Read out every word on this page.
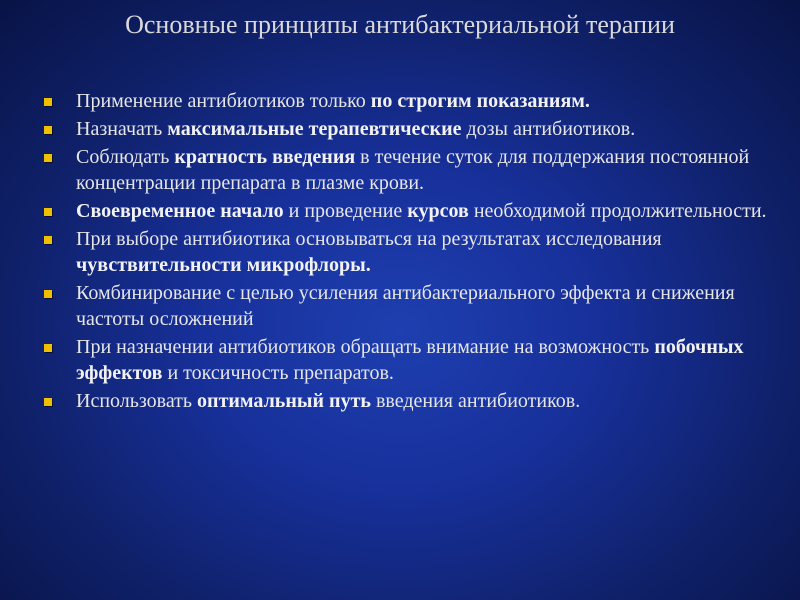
Основные принципы антибактериальной терапии
Применение антибиотиков только по строгим показаниям.
Назначать максимальные терапевтические дозы антибиотиков.
Соблюдать кратность введения в течение суток для поддержания постоянной концентрации препарата в плазме крови.
Своевременное начало и проведение курсов необходимой продолжительности.
При выборе антибиотика основываться на результатах исследования чувствительности микрофлоры.
Комбинирование с целью усиления антибактериального эффекта и снижения частоты осложнений
При назначении антибиотиков обращать внимание на возможность побочных эффектов и токсичность препаратов.
Использовать оптимальный путь введения антибиотиков.
